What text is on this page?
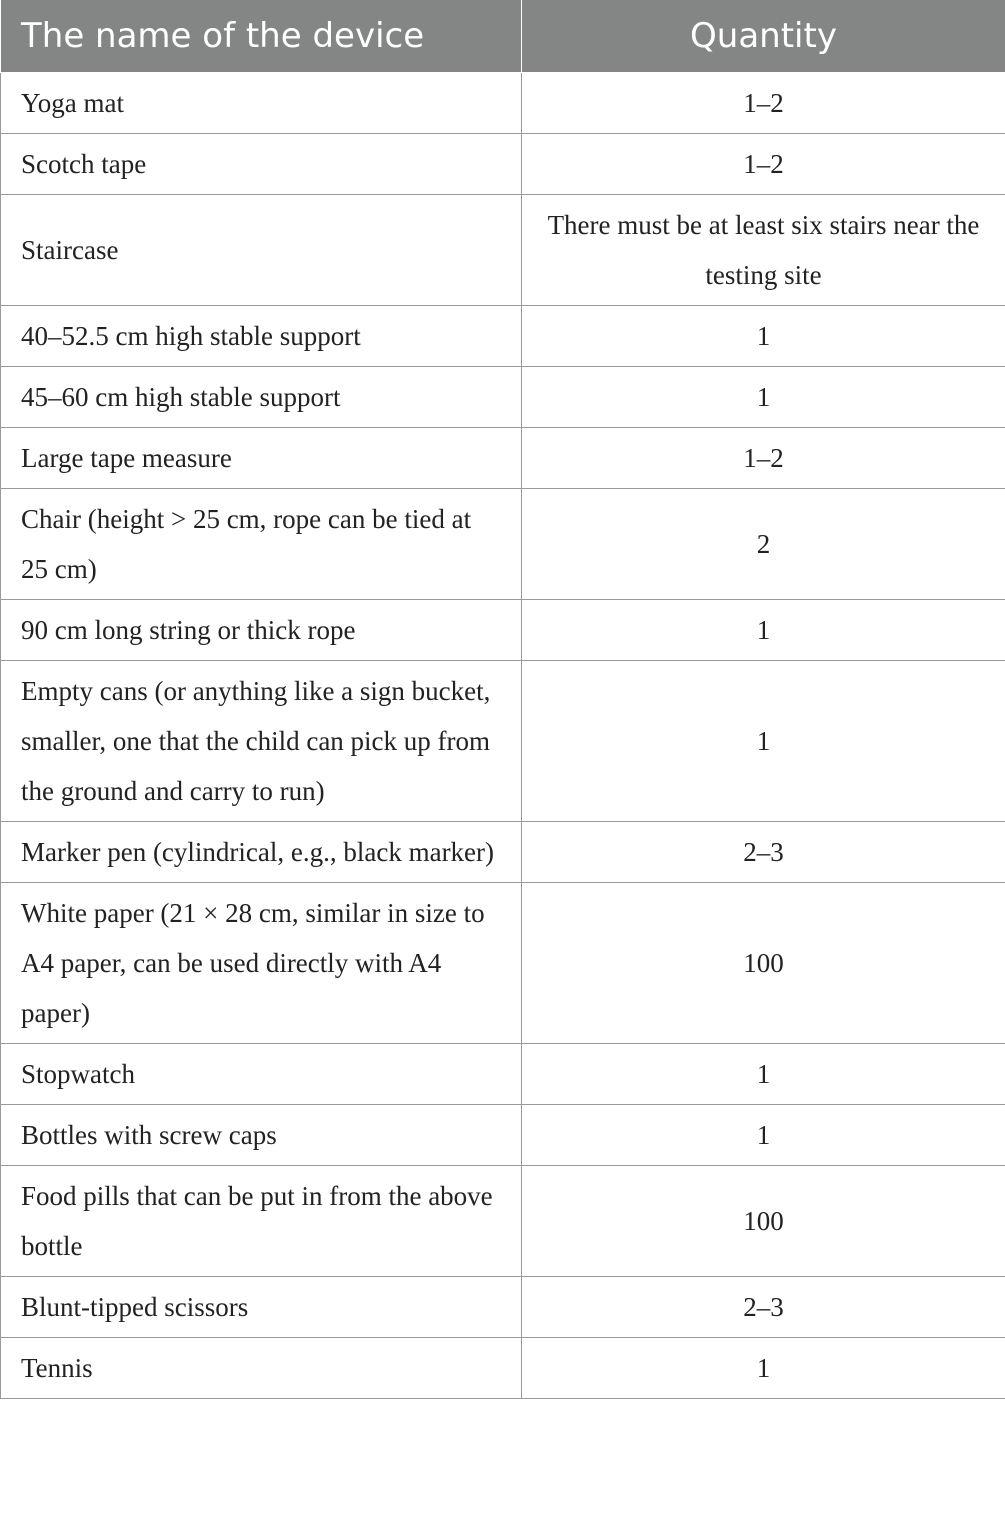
The name of the device	Quantity
Yoga mat	1–2
Scotch tape	1–2
Staircase	There must be at least six stairs near the testing site
40–52.5 cm high stable support	1
45–60 cm high stable support	1
Large tape measure	1–2
Chair (height > 25 cm, rope can be tied at 25 cm)	2
90 cm long string or thick rope	1
Empty cans (or anything like a sign bucket, smaller, one that the child can pick up from the ground and carry to run)	1
Marker pen (cylindrical, e.g., black marker)	2–3
White paper (21 × 28 cm, similar in size to A4 paper, can be used directly with A4 paper)	100
Stopwatch	1
Bottles with screw caps	1
Food pills that can be put in from the above bottle	100
Blunt-tipped scissors	2–3
Tennis	1
